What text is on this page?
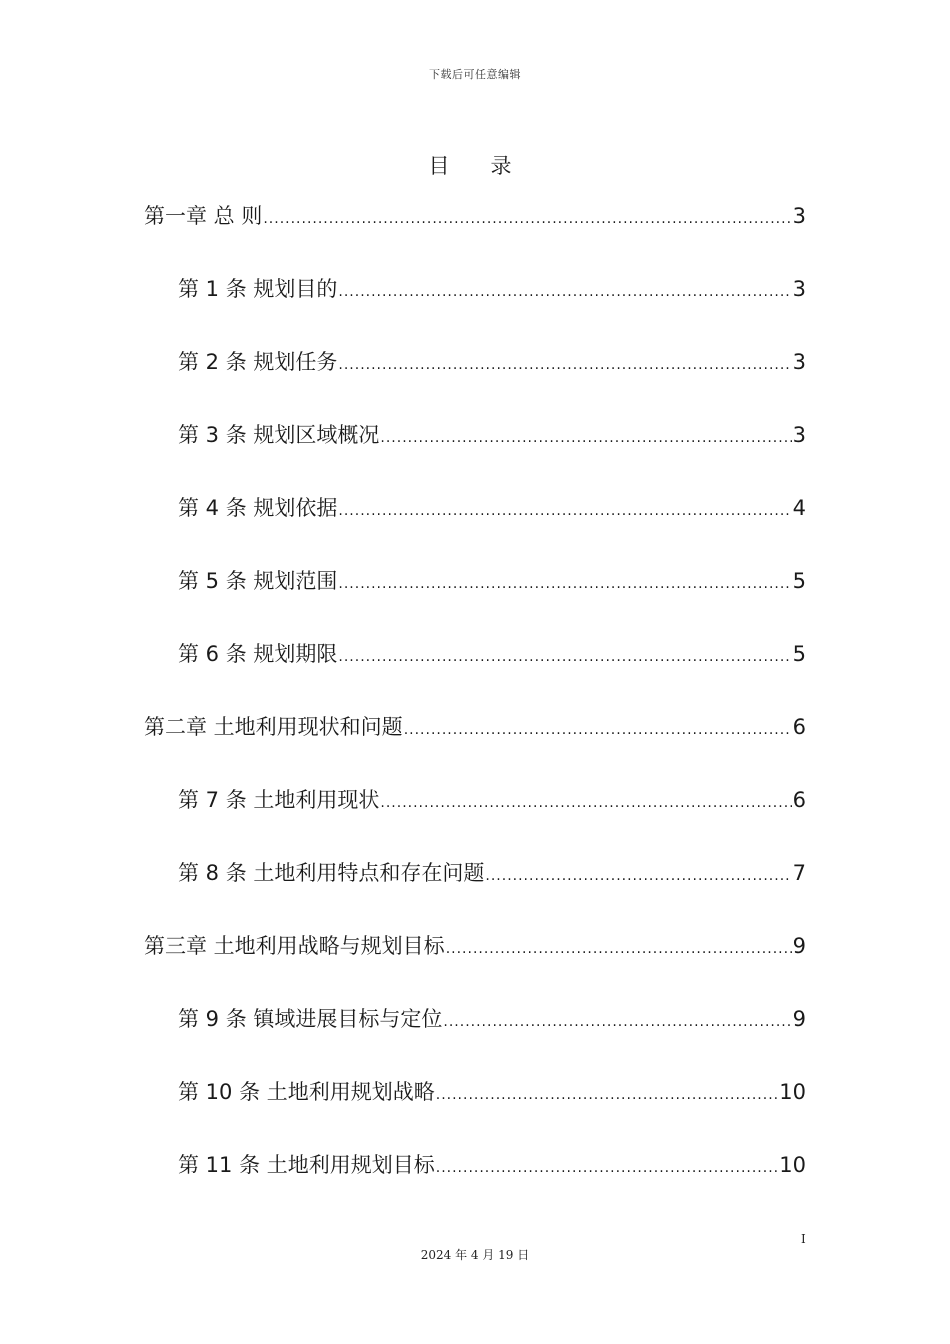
下载后可任意编辑
目　录
第一章 总 则 .....	3
第 1 条 规划目的 .....	3
第 2 条 规划任务 .....	3
第 3 条 规划区域概况 .....	3
第 4 条 规划依据 .....	4
第 5 条 规划范围 .....	5
第 6 条 规划期限 .....	5
第二章 土地利用现状和问题 .....	6
第 7 条 土地利用现状 .....	6
第 8 条 土地利用特点和存在问题 .....	7
第三章 土地利用战略与规划目标 .....	9
第 9 条 镇域进展目标与定位 .....	9
第 10 条 土地利用规划战略 .....	10
第 11 条 土地利用规划目标 .....	10
I
2024 年 4 月 19 日
